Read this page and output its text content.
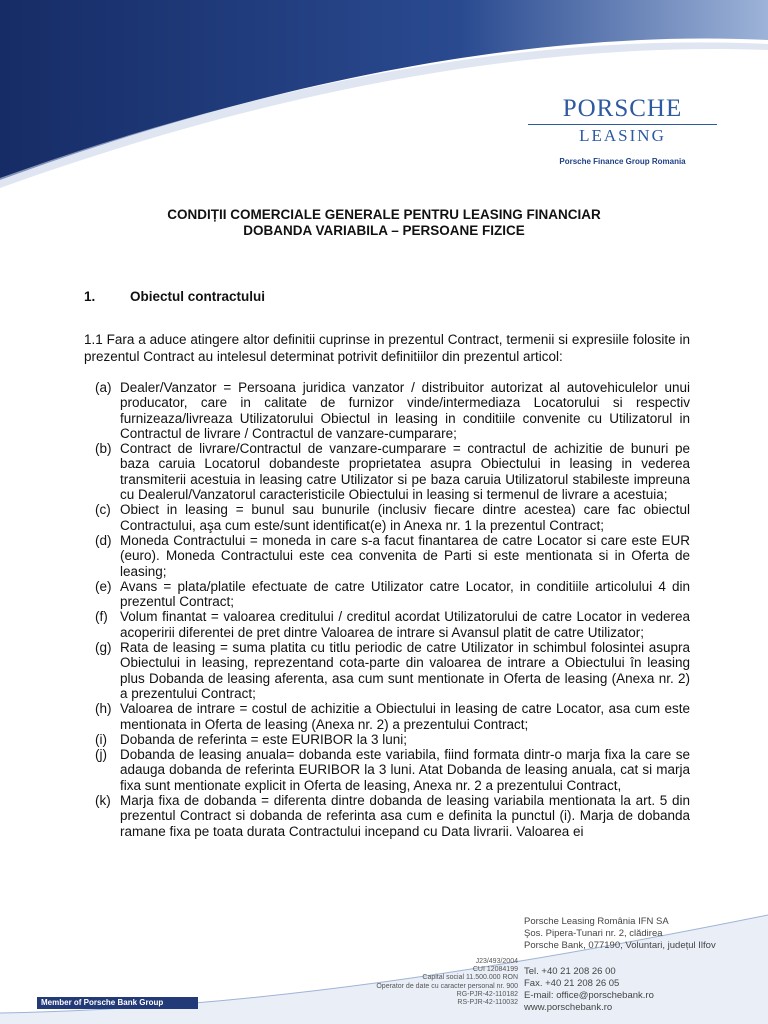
PORSCHE
LEASING
Porsche Finance Group Romania
CONDIȚII COMERCIALE GENERALE PENTRU LEASING FINANCIAR
DOBANDA VARIABILA – PERSOANE FIZICE
1.	Obiectul contractului

1.1 Fara a aduce atingere altor definitii cuprinse in prezentul Contract, termenii si expresiile folosite in prezentul Contract au intelesul determinat potrivit definitiilor din prezentul articol:

(a) Dealer/Vanzator = Persoana juridica vanzator / distribuitor autorizat al autovehiculelor unui producator, care in calitate de furnizor vinde/intermediaza Locatorului si respectiv furnizeaza/livreaza Utilizatorului Obiectul in leasing in conditiile convenite cu Utilizatorul in Contractul de livrare / Contractul de vanzare-cumparare;
(b) Contract de livrare/Contractul de vanzare-cumparare = contractul de achizitie de bunuri pe baza caruia Locatorul dobandeste proprietatea asupra Obiectului in leasing in vederea transmiterii acestuia in leasing catre Utilizator si pe baza caruia Utilizatorul stabileste impreuna cu Dealerul/Vanzatorul caracteristicile Obiectului in leasing si termenul de livrare a acestuia;
(c) Obiect in leasing = bunul sau bunurile (inclusiv fiecare dintre acestea) care fac obiectul Contractului, aşa cum este/sunt identificat(e) in Anexa nr. 1 la prezentul Contract;
(d) Moneda Contractului = moneda in care s-a facut finantarea de catre Locator si care este EUR (euro). Moneda Contractului este cea convenita de Parti si este mentionata si in Oferta de leasing;
(e) Avans = plata/platile efectuate de catre Utilizator catre Locator, in conditiile articolului 4 din prezentul Contract;
(f) Volum finantat = valoarea creditului / creditul acordat Utilizatorului de catre Locator in vederea acoperirii diferentei de pret dintre Valoarea de intrare si Avansul platit de catre Utilizator;
(g) Rata de leasing = suma platita cu titlu periodic de catre Utilizator in schimbul folosintei asupra Obiectului in leasing, reprezentand cota-parte din valoarea de intrare a Obiectului în leasing plus Dobanda de leasing aferenta, asa cum sunt mentionate in Oferta de leasing (Anexa nr. 2) a prezentului Contract;
(h) Valoarea de intrare = costul de achizitie a Obiectului in leasing de catre Locator, asa cum este mentionata in Oferta de leasing (Anexa nr. 2) a prezentului Contract;
(i) Dobanda de referinta = este EURIBOR la 3 luni;
(j) Dobanda de leasing anuala= dobanda este variabila, fiind formata dintr-o marja fixa la care se adauga dobanda de referinta EURIBOR la 3 luni. Atat Dobanda de leasing anuala, cat si marja fixa sunt mentionate explicit in Oferta de leasing, Anexa nr. 2 a prezentului Contract,
(k) Marja fixa de dobanda = diferenta dintre dobanda de leasing variabila mentionata la art. 5 din prezentul Contract si dobanda de referinta asa cum e definita la punctul (i). Marja de dobanda ramane fixa pe toata durata Contractului incepand cu Data livrarii. Valoarea ei
Porsche Leasing România IFN SA
Şos. Pipera-Tunari nr. 2, clădirea
Porsche Bank, 077190, Voluntari, județul Ilfov
Tel. +40 21 208 26 00
Fax. +40 21 208 26 05
E-mail: office@porschebank.ro
www.porschebank.ro
J23/493/2004
CUI 12084199
Capital social 11.500.000 RON
Operator de date cu caracter personal nr. 900
RG-PJR-42-110182
RS-PJR-42-110032
Member of Porsche Bank Group
